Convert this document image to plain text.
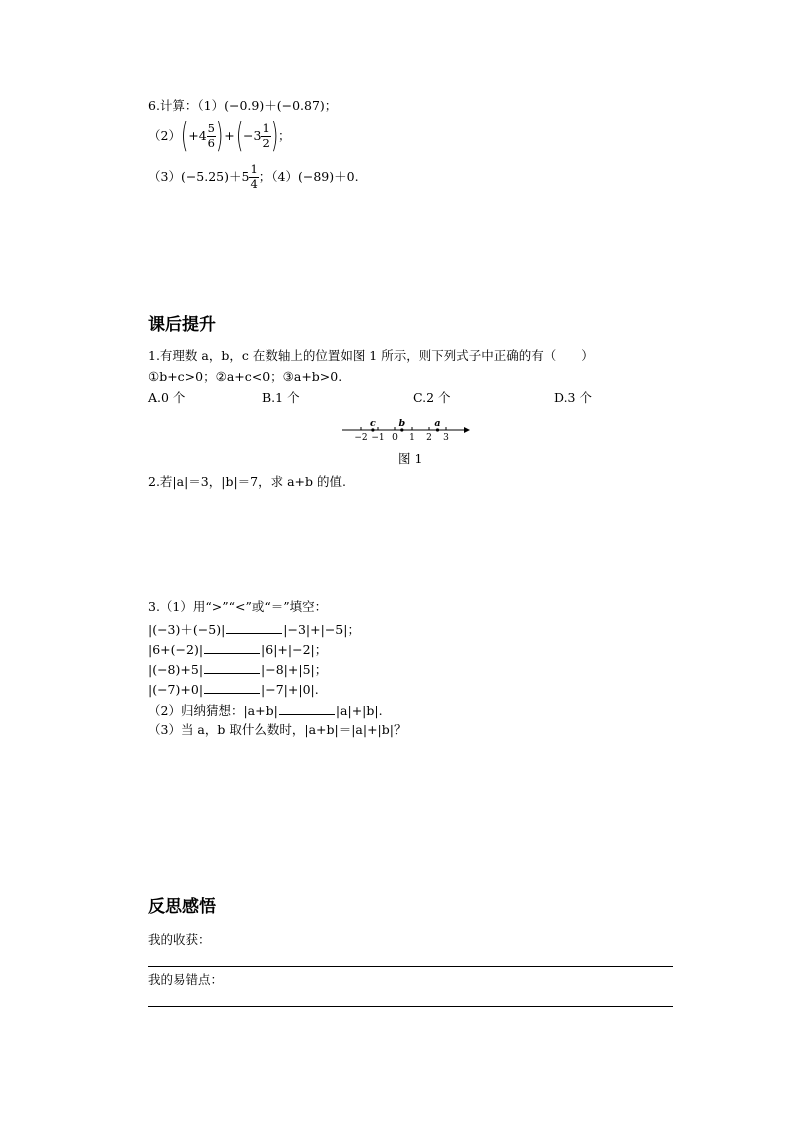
6.计算：（1）(−0.9)＋(−0.87)；
（2） ( $+4 \frac{5}{6}$ ) + ( $-3 \frac{1}{2}$ ) ；
$(3)(-5.25)+5 \frac{1}{4}$ ；（4）(−89)＋0.
课后提升
1.有理数 a，b，c 在数轴上的位置如图 1 所示，则下列式子中正确的有（　　）
①b+c>0；②a+c<0；③a+b>0.
A.0 个	B.1 个	C.2 个	D.3 个
−2 −1 0 1 2 3
c b	a
图 1
2.若|a|＝3，|b|＝7，求 a+b 的值.
3.（1）用“>”“<”或“＝”填空：
|(−3)＋(−5)|	|−3|+|−5|；
|6+(−2)|	|6|+|−2|；
|(−8)+5|	|−8|+|5|；
|(−7)+0|	|−7|+|0|.
（2）归纳猜想：|a+b|	|a|+|b|.
（3）当 a，b 取什么数时，|a+b|＝|a|+|b|？
反思感悟
我的收获：
我的易错点：
